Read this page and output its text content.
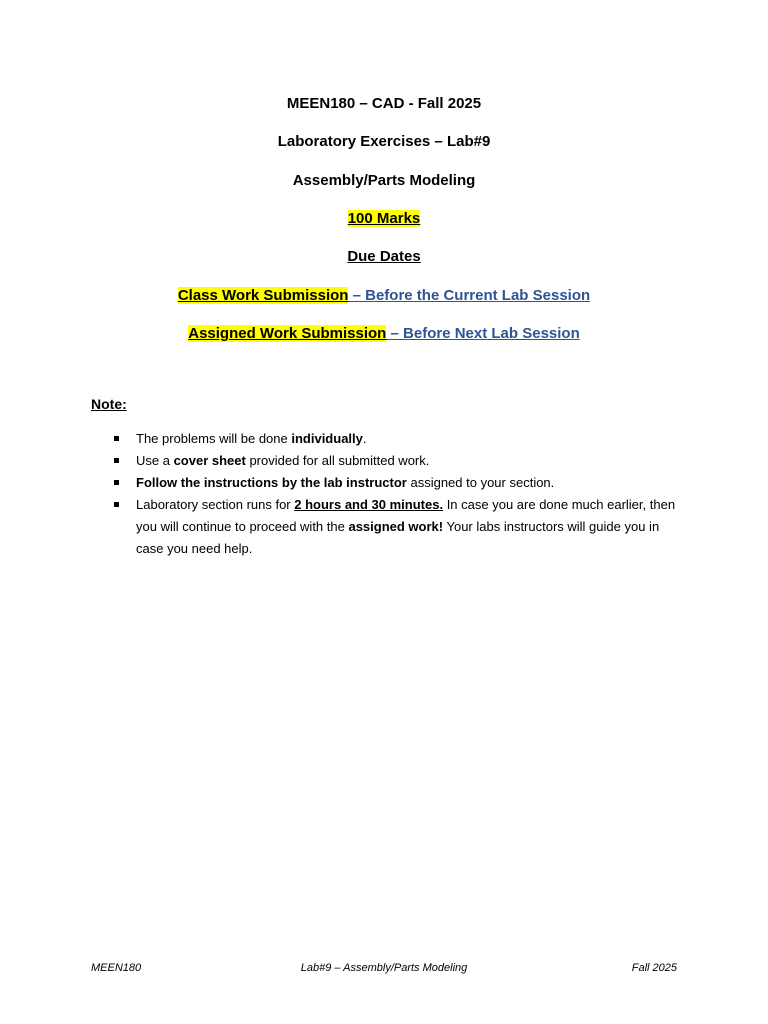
MEEN180 – CAD - Fall 2025
Laboratory Exercises – Lab#9
Assembly/Parts Modeling
100 Marks
Due Dates
Class Work Submission – Before the Current Lab Session
Assigned Work Submission – Before Next Lab Session
Note:
The problems will be done individually.
Use a cover sheet provided for all submitted work.
Follow the instructions by the lab instructor assigned to your section.
Laboratory section runs for 2 hours and 30 minutes. In case you are done much earlier, then you will continue to proceed with the assigned work! Your labs instructors will guide you in case you need help.
MEEN180	Lab#9 – Assembly/Parts Modeling	Fall 2025
